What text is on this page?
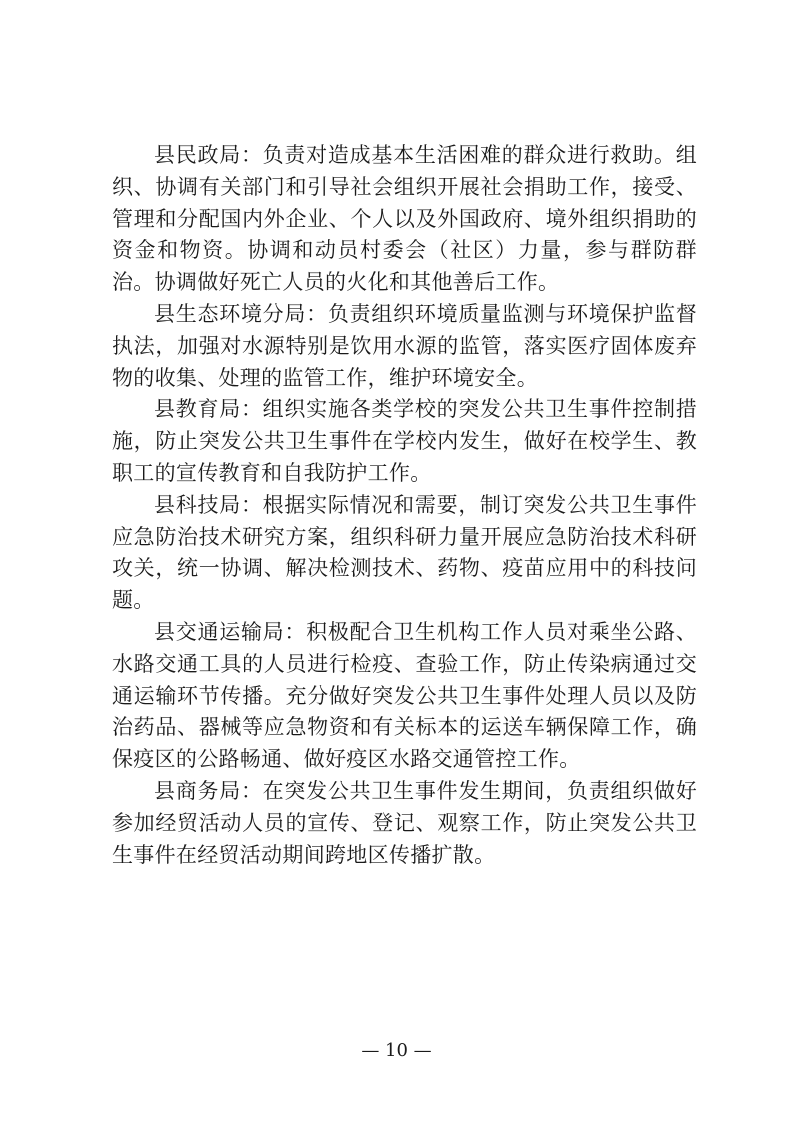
县民政局：负责对造成基本生活困难的群众进行救助。组织、协调有关部门和引导社会组织开展社会捐助工作，接受、管理和分配国内外企业、个人以及外国政府、境外组织捐助的资金和物资。协调和动员村委会（社区）力量，参与群防群治。协调做好死亡人员的火化和其他善后工作。

县生态环境分局：负责组织环境质量监测与环境保护监督执法，加强对水源特别是饮用水源的监管，落实医疗固体废弃物的收集、处理的监管工作，维护环境安全。

县教育局：组织实施各类学校的突发公共卫生事件控制措施，防止突发公共卫生事件在学校内发生，做好在校学生、教职工的宣传教育和自我防护工作。

县科技局：根据实际情况和需要，制订突发公共卫生事件应急防治技术研究方案，组织科研力量开展应急防治技术科研攻关，统一协调、解决检测技术、药物、疫苗应用中的科技问题。

县交通运输局：积极配合卫生机构工作人员对乘坐公路、水路交通工具的人员进行检疫、查验工作，防止传染病通过交通运输环节传播。充分做好突发公共卫生事件处理人员以及防治药品、器械等应急物资和有关标本的运送车辆保障工作，确保疫区的公路畅通、做好疫区水路交通管控工作。

县商务局：在突发公共卫生事件发生期间，负责组织做好参加经贸活动人员的宣传、登记、观察工作，防止突发公共卫生事件在经贸活动期间跨地区传播扩散。

— 10 —
